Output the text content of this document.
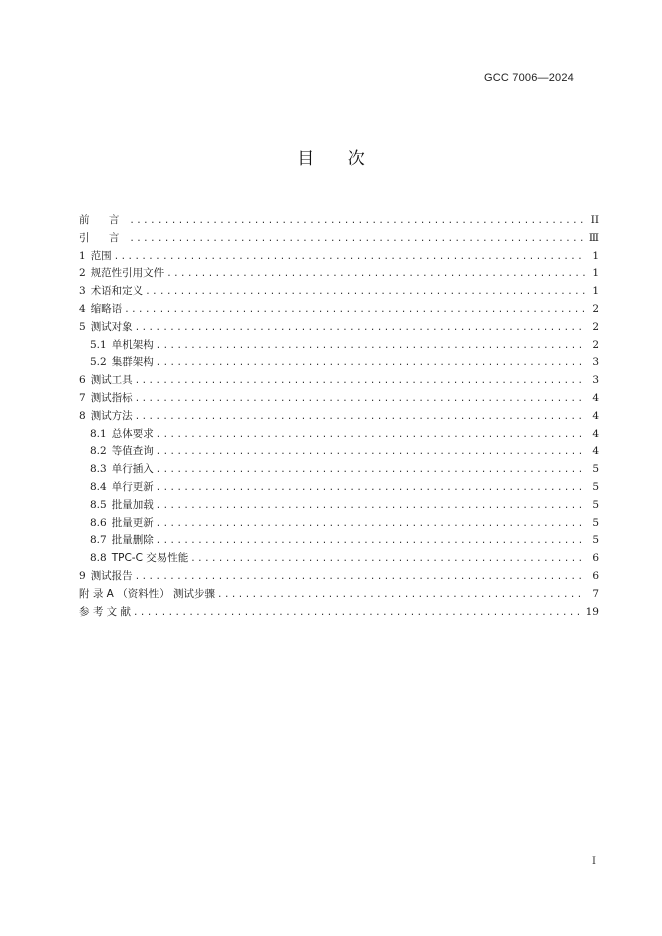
GCC 7006—2024
目 次
前 言 .....	II
引 言 .....	Ⅲ
1 范围 .....	1
2 规范性引用文件 .....	1
3 术语和定义 .....	1
4 缩略语 .....	2
5 测试对象 .....	2
5.1 单机架构 .....	2
5.2 集群架构 .....	3
6 测试工具 .....	3
7 测试指标 .....	4
8 测试方法 .....	4
8.1 总体要求 .....	4
8.2 等值查询 .....	4
8.3 单行插入 .....	5
8.4 单行更新 .....	5
8.5 批量加载 .....	5
8.6 批量更新 .....	5
8.7 批量删除 .....	5
8.8 TPC-C 交易性能 .....	6
9 测试报告 .....	6
附 录 A （资料性） 测试步骤 .....	7
参 考 文 献 .....	19
I
